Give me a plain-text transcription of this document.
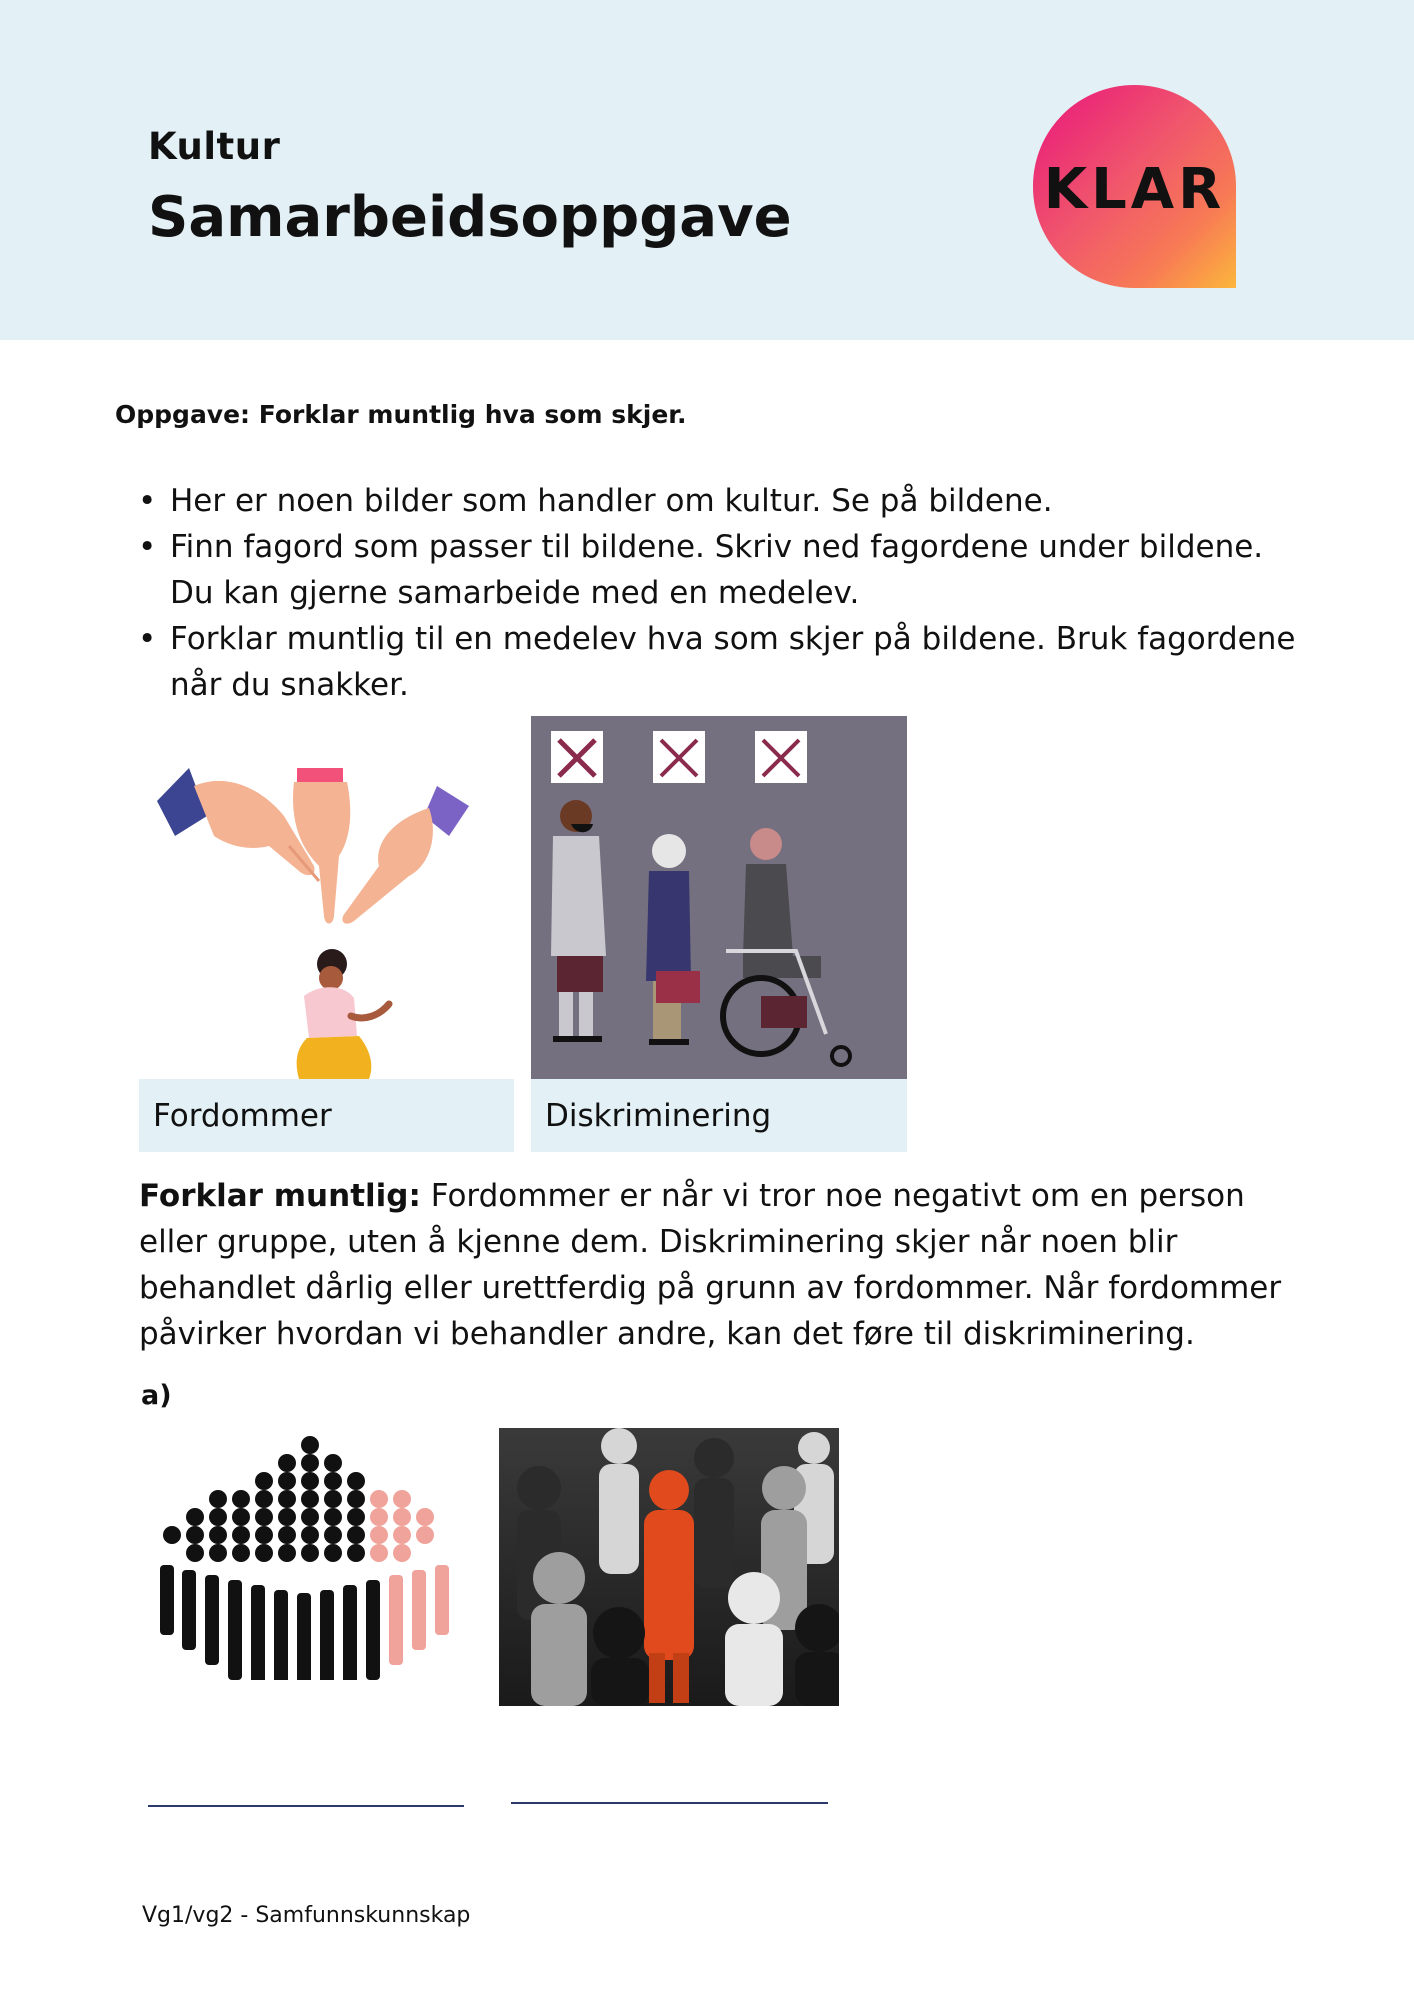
Kultur
Samarbeidsoppgave	KLAR
Oppgave: Forklar muntlig hva som skjer.
• Her er noen bilder som handler om kultur. Se på bildene.
• Finn fagord som passer til bildene. Skriv ned fagordene under bildene. Du kan gjerne samarbeide med en medelev.
• Forklar muntlig til en medelev hva som skjer på bildene. Bruk fagordene når du snakker.
Fordommer	Diskriminering

Forklar muntlig: Fordommer er når vi tror noe negativt om en person eller gruppe, uten å kjenne dem. Diskriminering skjer når noen blir behandlet dårlig eller urettferdig på grunn av fordommer. Når fordommer påvirker hvordan vi behandler andre, kan det føre til diskriminering.

a)
Vg1/vg2 - Samfunnskunnskap
